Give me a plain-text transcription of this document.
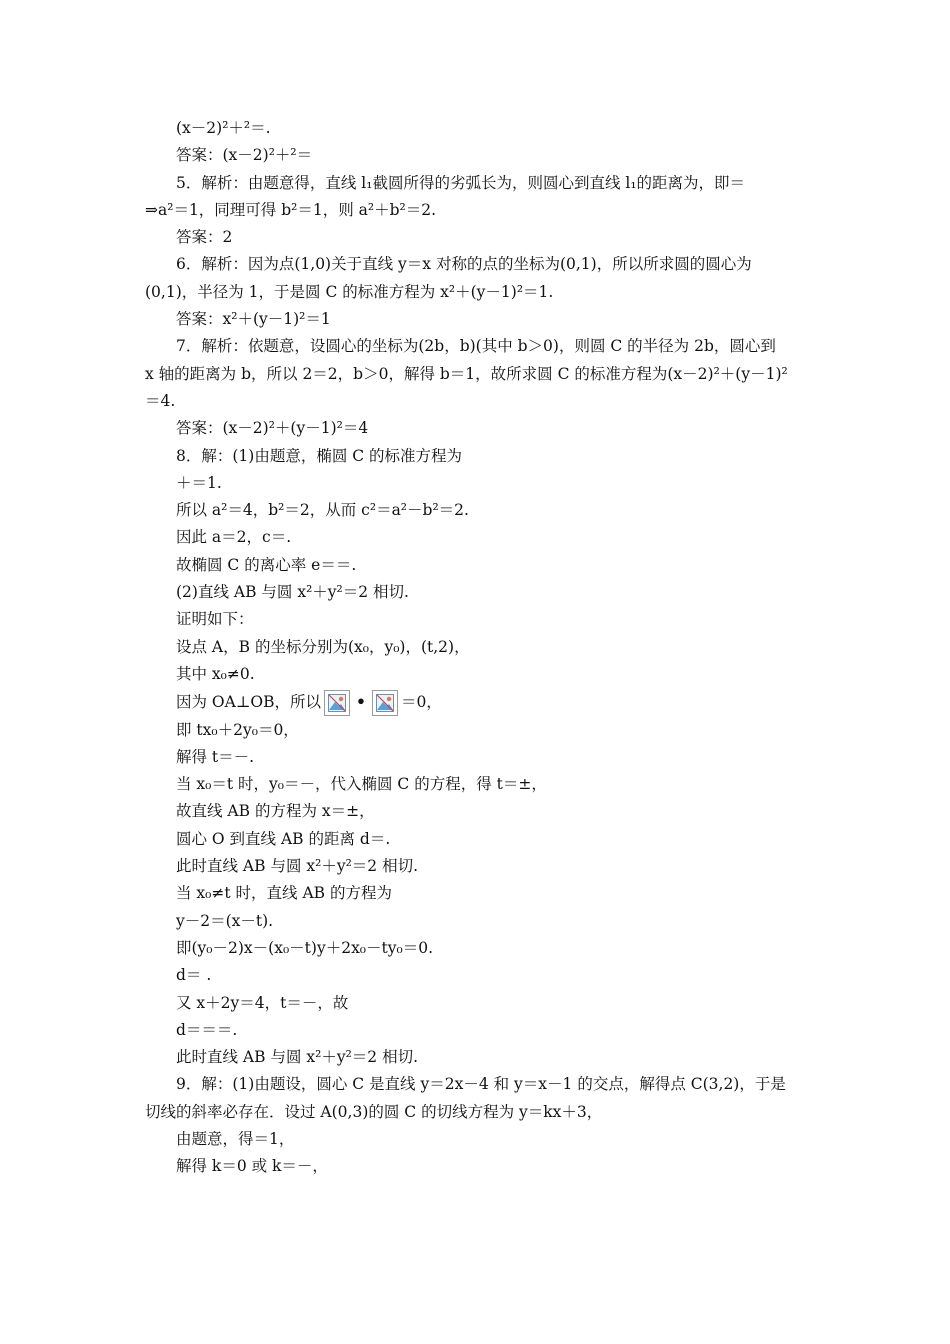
(x－2)²＋²＝.
答案：(x－2)²＋²＝
5．解析：由题意得，直线 l₁截圆所得的劣弧长为，则圆心到直线 l₁的距离为，即＝
⇒a²＝1，同理可得 b²＝1，则 a²＋b²＝2.
答案：2
6．解析：因为点(1,0)关于直线 y＝x 对称的点的坐标为(0,1)，所以所求圆的圆心为
(0,1)，半径为 1，于是圆 C 的标准方程为 x²＋(y－1)²＝1.
答案：x²＋(y－1)²＝1
7．解析：依题意，设圆心的坐标为(2b，b)(其中 b＞0)，则圆 C 的半径为 2b，圆心到
x 轴的距离为 b，所以 2＝2，b＞0，解得 b＝1，故所求圆 C 的标准方程为(x－2)²＋(y－1)²
＝4.
答案：(x－2)²＋(y－1)²＝4
8．解：(1)由题意，椭圆 C 的标准方程为
＋＝1.
所以 a²＝4，b²＝2，从而 c²＝a²－b²＝2.
因此 a＝2，c＝.
故椭圆 C 的离心率 e＝＝.
(2)直线 AB 与圆 x²＋y²＝2 相切.
证明如下：
设点 A，B 的坐标分别为(x₀，y₀)，(t,2)，
其中 x₀≠0.
因为 OA⊥OB，所以 • ＝0，
即 tx₀＋2y₀＝0，
解得 t＝－.
当 x₀＝t 时，y₀＝－，代入椭圆 C 的方程，得 t＝±，
故直线 AB 的方程为 x＝±，
圆心 O 到直线 AB 的距离 d＝.
此时直线 AB 与圆 x²＋y²＝2 相切.
当 x₀≠t 时，直线 AB 的方程为
y－2＝(x－t).
即(y₀－2)x－(x₀－t)y＋2x₀－ty₀＝0.
d＝ .
又 x＋2y＝4，t＝－，故
d＝＝＝.
此时直线 AB 与圆 x²＋y²＝2 相切.
9．解：(1)由题设，圆心 C 是直线 y＝2x－4 和 y＝x－1 的交点，解得点 C(3,2)，于是
切线的斜率必存在．设过 A(0,3)的圆 C 的切线方程为 y＝kx＋3，
由题意，得＝1，
解得 k＝0 或 k＝－，
